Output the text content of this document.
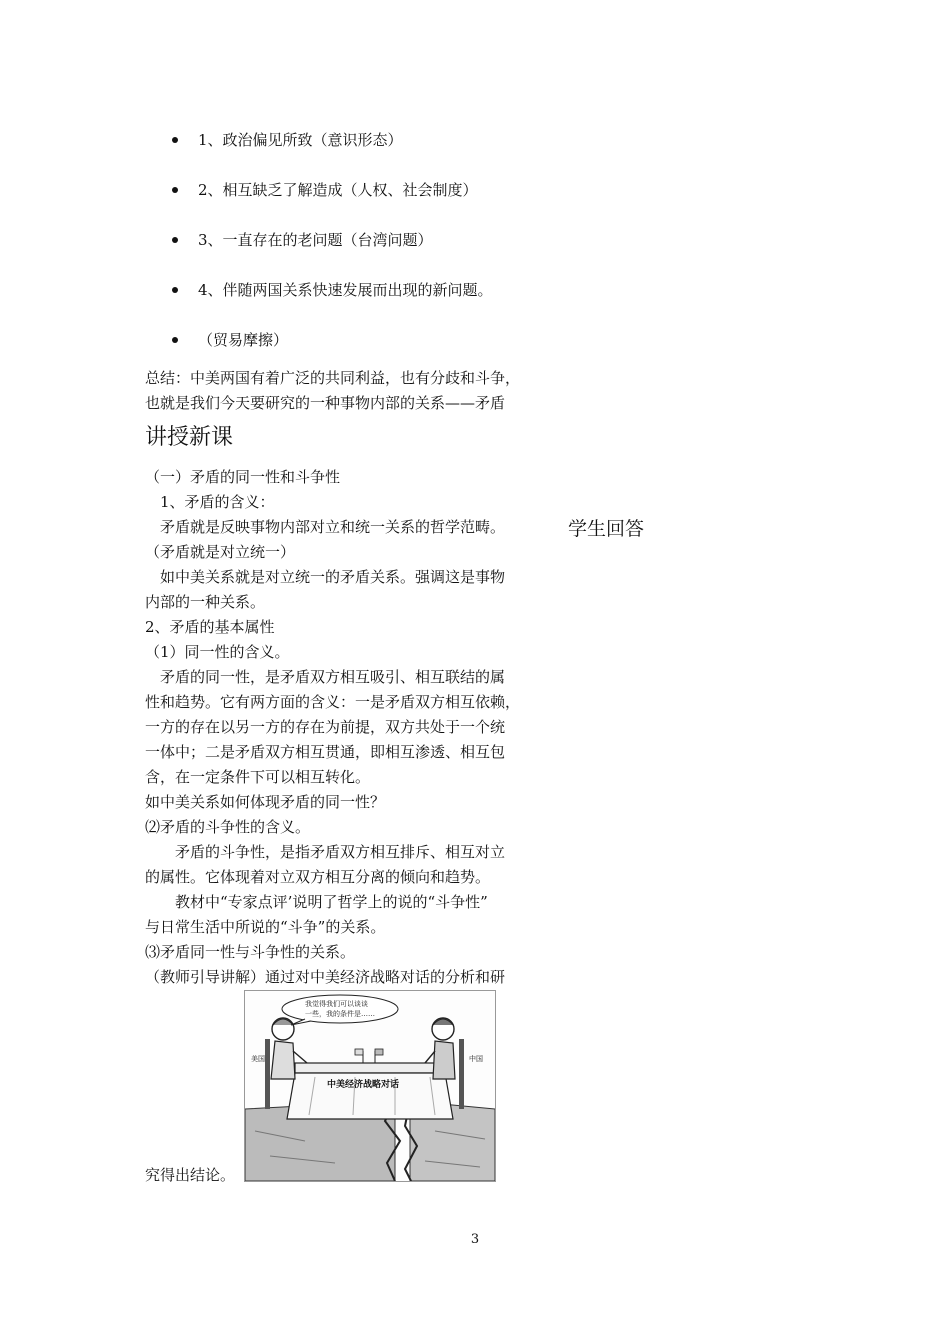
1、政治偏见所致（意识形态）
2、相互缺乏了解造成（人权、社会制度）
3、一直存在的老问题（台湾问题）
4、伴随两国关系快速发展而出现的新问题。
（贸易摩擦）

总结：中美两国有着广泛的共同利益，也有分歧和斗争，

也就是我们今天要研究的一种事物内部的关系——矛盾

讲授新课
学生回答

（一）矛盾的同一性和斗争性

　1、矛盾的含义：

　矛盾就是反映事物内部对立和统一关系的哲学范畴。

（矛盾就是对立统一）

　如中美关系就是对立统一的矛盾关系。强调这是事物

内部的一种关系。

2、矛盾的基本属性

（1）同一性的含义。

　矛盾的同一性，是矛盾双方相互吸引、相互联结的属

性和趋势。它有两方面的含义：一是矛盾双方相互依赖，

一方的存在以另一方的存在为前提，双方共处于一个统

一体中；二是矛盾双方相互贯通，即相互渗透、相互包

含，在一定条件下可以相互转化。

如中美关系如何体现矛盾的同一性？

⑵矛盾的斗争性的含义。

　　矛盾的斗争性，是指矛盾双方相互排斥、相互对立

的属性。它体现着对立双方相互分离的倾向和趋势。

　　教材中“专家点评’说明了哲学上的说的“斗争性”

与日常生活中所说的“斗争”的关系。

⑶矛盾同一性与斗争性的关系。

（教师引导讲解）通过对中美经济战略对话的分析和研

究得出结论。
我觉得我们可以谈谈
一些，我的条件是……
中美经济战略对话
美国	中国
3
